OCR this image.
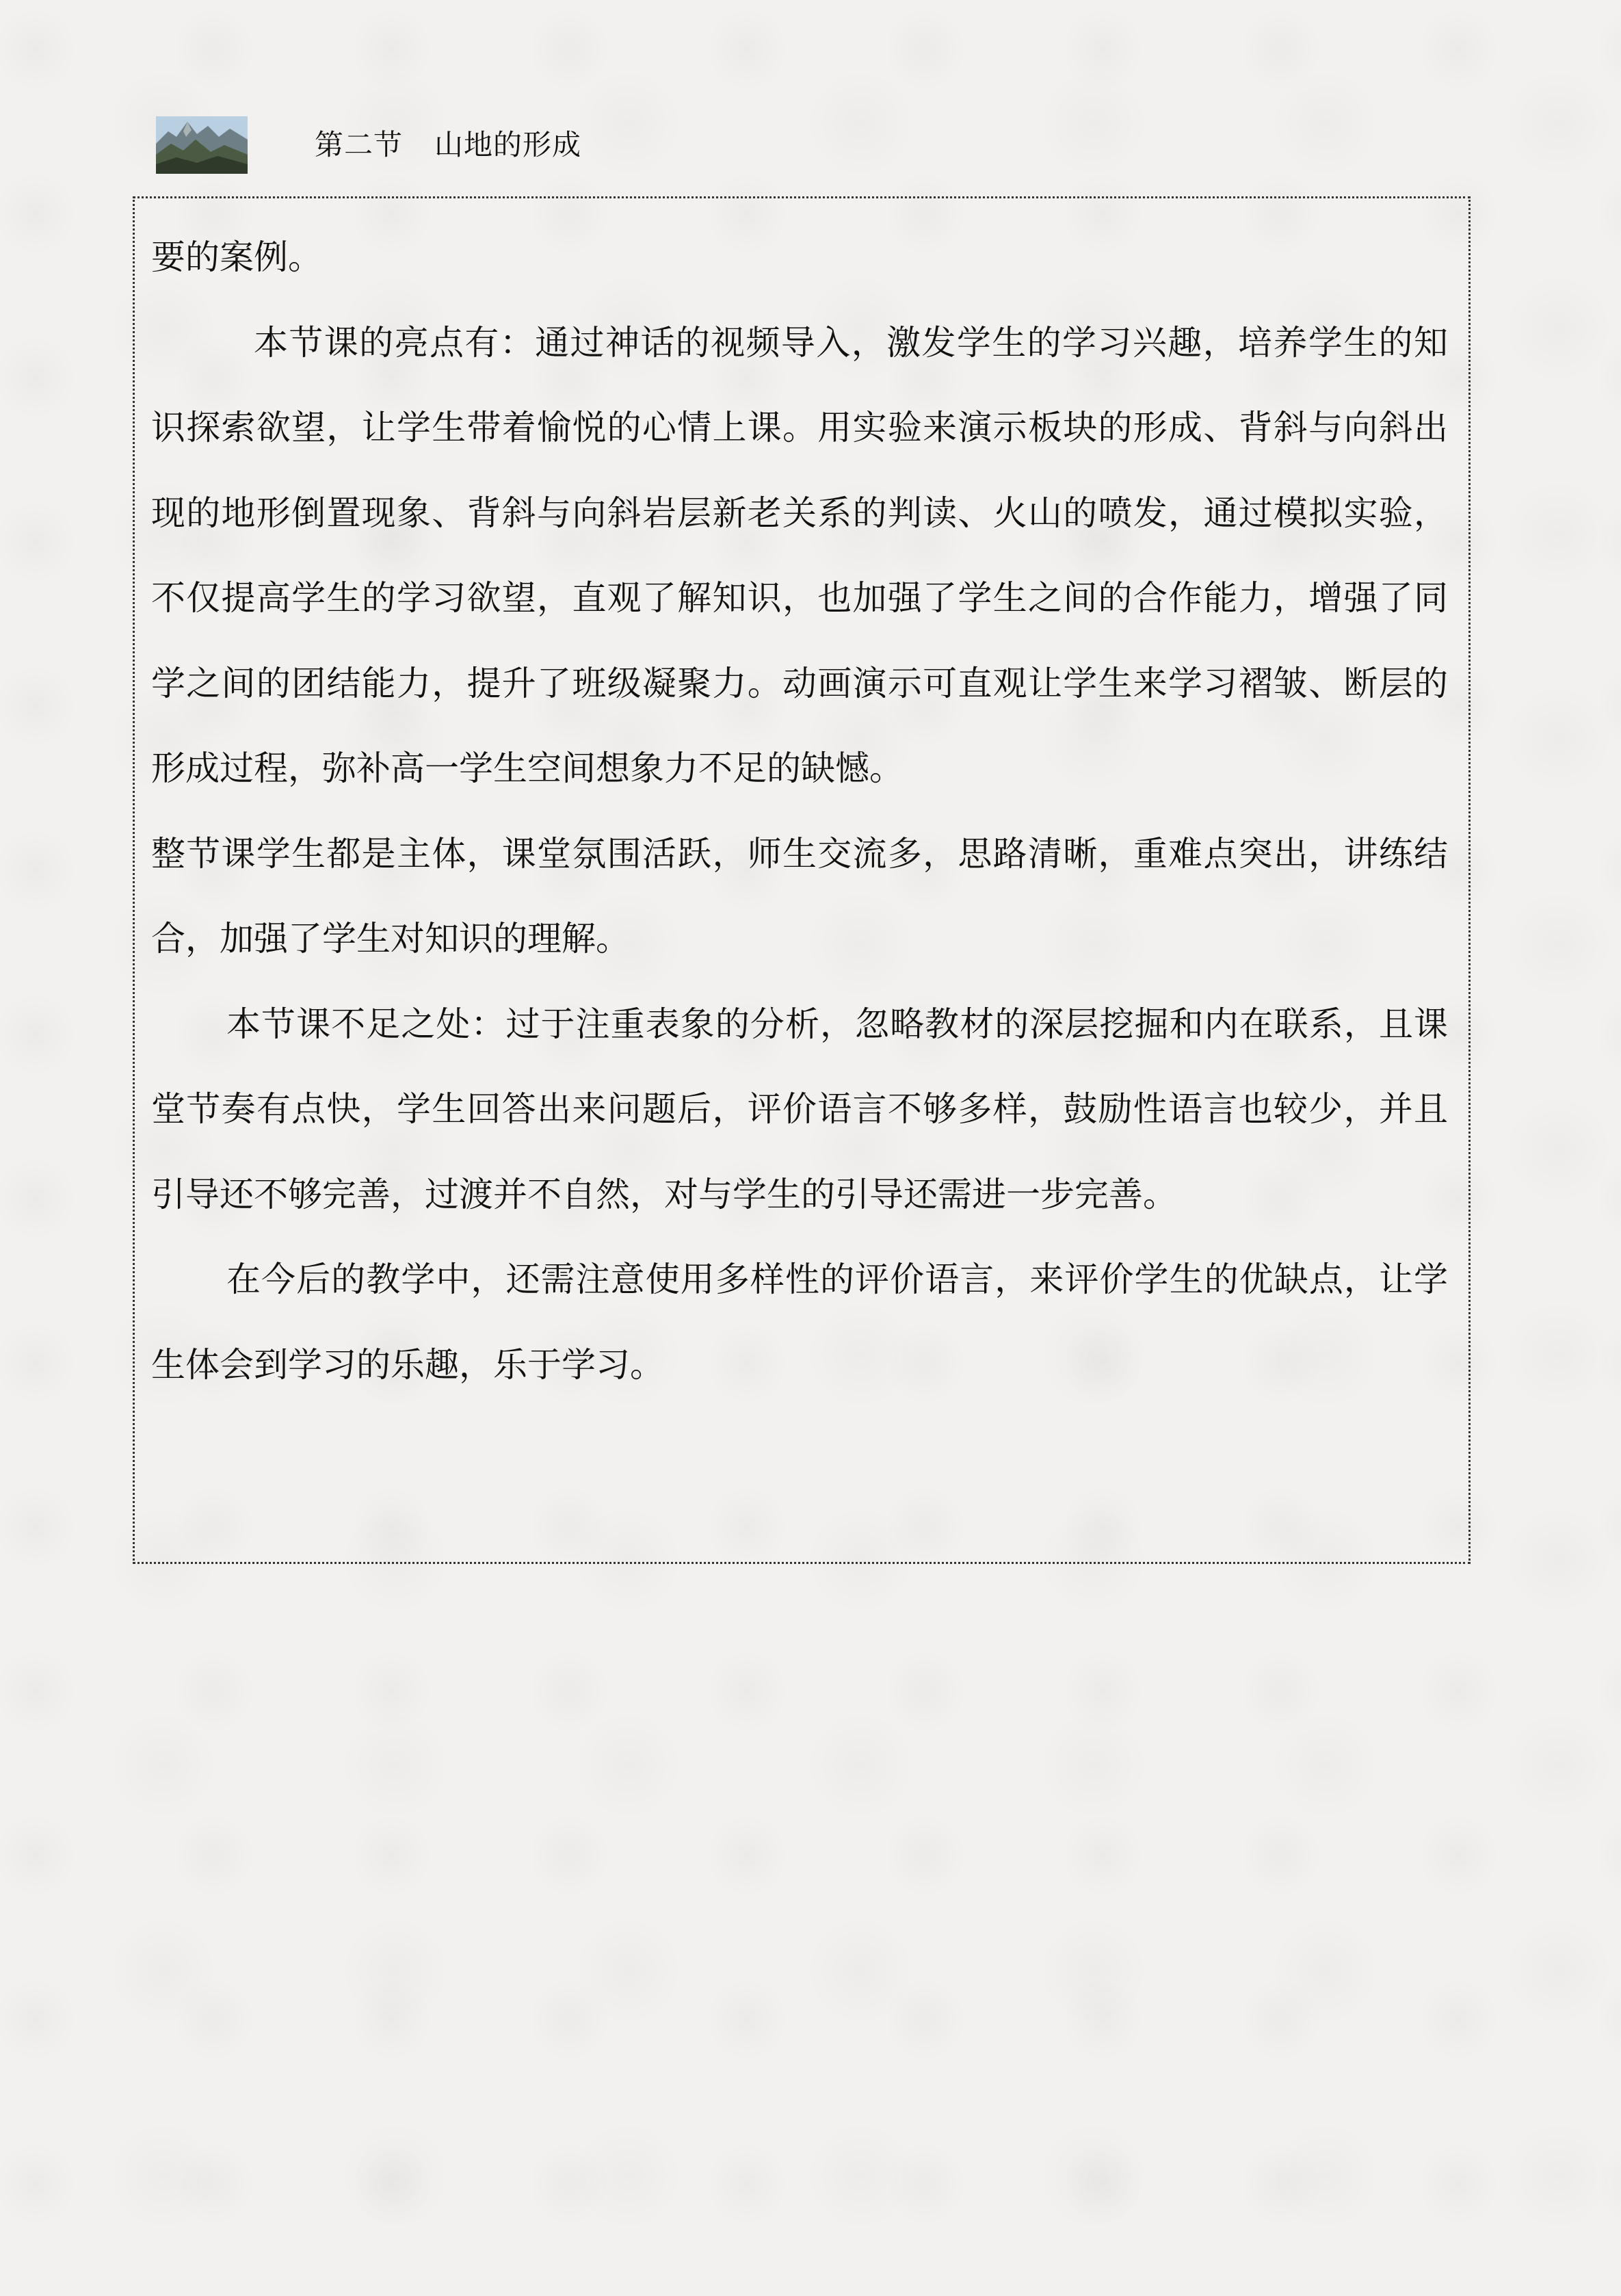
第二节 山地的形成

要的案例。

本节课的亮点有：通过神话的视频导入，激发学生的学习兴趣，培养学生的知识探索欲望，让学生带着愉悦的心情上课。用实验来演示板块的形成、背斜与向斜出现的地形倒置现象、背斜与向斜岩层新老关系的判读、火山的喷发，通过模拟实验，不仅提高学生的学习欲望，直观了解知识，也加强了学生之间的合作能力，增强了同学之间的团结能力，提升了班级凝聚力。动画演示可直观让学生来学习褶皱、断层的形成过程，弥补高一学生空间想象力不足的缺憾。

整节课学生都是主体，课堂氛围活跃，师生交流多，思路清晰，重难点突出，讲练结合，加强了学生对知识的理解。

本节课不足之处：过于注重表象的分析，忽略教材的深层挖掘和内在联系，且课堂节奏有点快，学生回答出来问题后，评价语言不够多样，鼓励性语言也较少，并且引导还不够完善，过渡并不自然，对与学生的引导还需进一步完善。

在今后的教学中，还需注意使用多样性的评价语言，来评价学生的优缺点，让学生体会到学习的乐趣，乐于学习。
